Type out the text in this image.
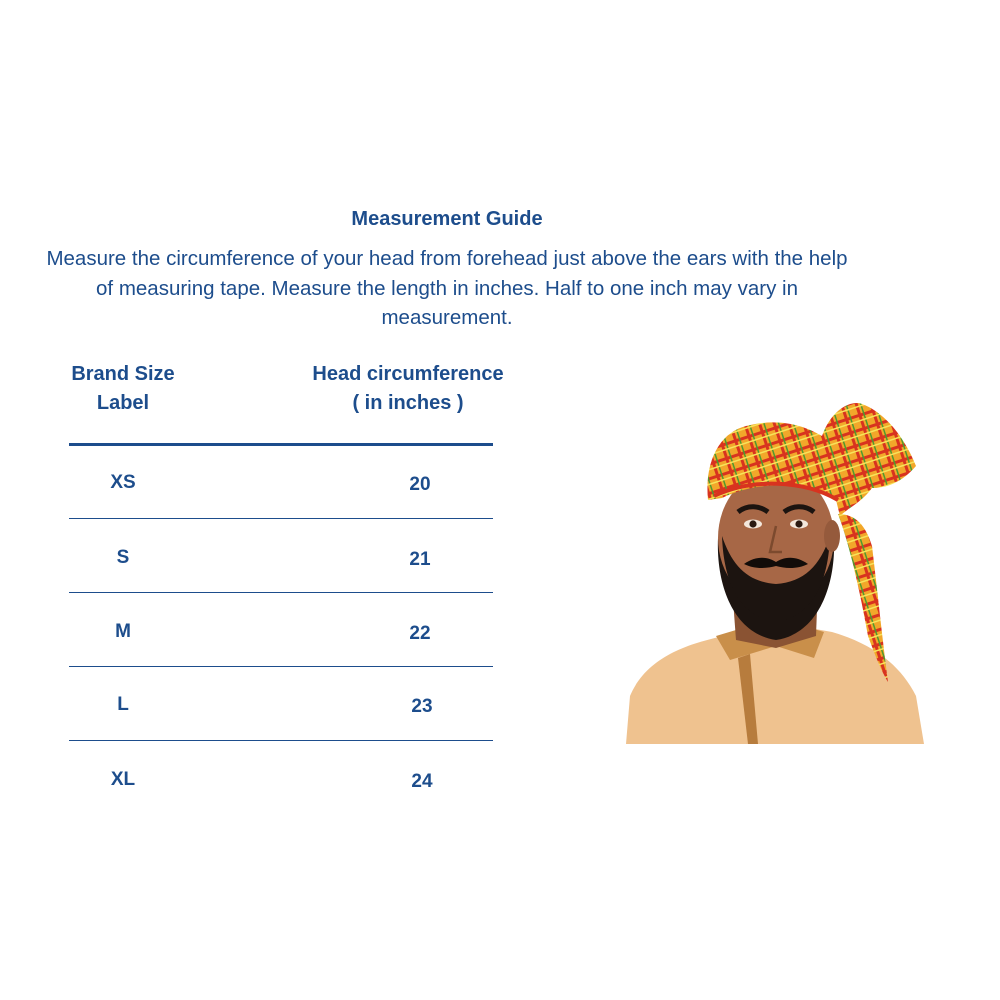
Measurement Guide
Measure the circumference of your head from forehead just above the ears with the help
of measuring tape. Measure the length in inches. Half to one inch may vary in
measurement.
Brand Size
Label
Head circumference
( in inches )
XS	20
S	21
M	22
L	23
XL	24
